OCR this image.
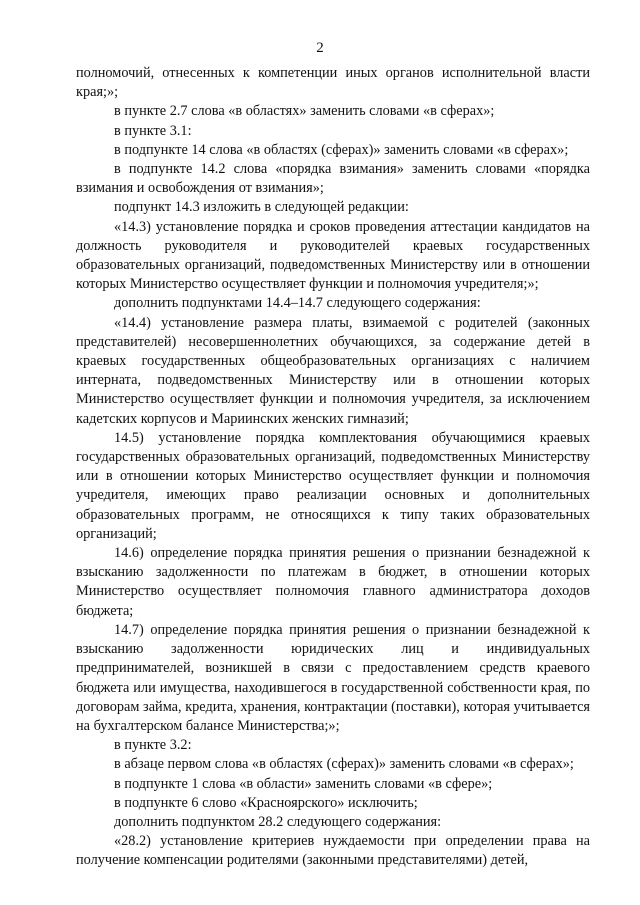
2

полномочий, отнесенных к компетенции иных органов исполнительной власти края;»;

в пункте 2.7 слова «в областях» заменить словами «в сферах»;

в пункте 3.1:

в подпункте 14 слова «в областях (сферах)» заменить словами «в сферах»;

в подпункте 14.2 слова «порядка взимания» заменить словами «порядка взимания и освобождения от взимания»;

подпункт 14.3 изложить в следующей редакции:

«14.3) установление порядка и сроков проведения аттестации кандидатов на должность руководителя и руководителей краевых государственных образовательных организаций, подведомственных Министерству или в отношении которых Министерство осуществляет функции и полномочия учредителя;»;

дополнить подпунктами 14.4–14.7 следующего содержания:

«14.4) установление размера платы, взимаемой с родителей (законных представителей) несовершеннолетних обучающихся, за содержание детей в краевых государственных общеобразовательных организациях с наличием интерната, подведомственных Министерству или в отношении которых Министерство осуществляет функции и полномочия учредителя, за исключением кадетских корпусов и Мариинских женских гимназий;

14.5) установление порядка комплектования обучающимися краевых государственных образовательных организаций, подведомственных Министерству или в отношении которых Министерство осуществляет функции и полномочия учредителя, имеющих право реализации основных и дополнительных образовательных программ, не относящихся к типу таких образовательных организаций;

14.6) определение порядка принятия решения о признании безнадежной к взысканию задолженности по платежам в бюджет, в отношении которых Министерство осуществляет полномочия главного администратора доходов бюджета;

14.7) определение порядка принятия решения о признании безнадежной к взысканию задолженности юридических лиц и индивидуальных предпринимателей, возникшей в связи с предоставлением средств краевого бюджета или имущества, находившегося в государственной собственности края, по договорам займа, кредита, хранения, контрактации (поставки), которая учитывается на бухгалтерском балансе Министерства;»;

в пункте 3.2:

в абзаце первом слова «в областях (сферах)» заменить словами «в сферах»;

в подпункте 1 слова «в области» заменить словами «в сфере»;

в подпункте 6 слово «Красноярского» исключить;

дополнить подпунктом 28.2 следующего содержания:

«28.2) установление критериев нуждаемости при определении права на получение компенсации родителями (законными представителями) детей,
